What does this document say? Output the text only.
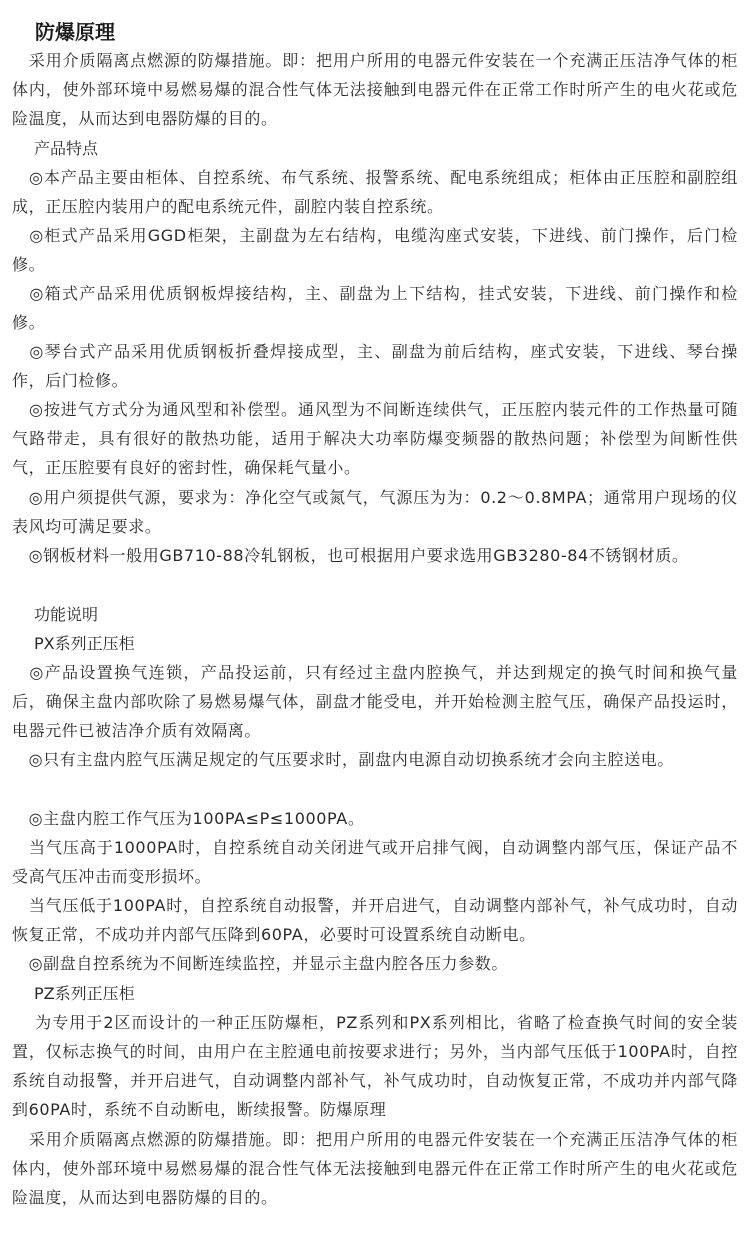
防爆原理

　采用介质隔离点燃源的防爆措施。即：把用户所用的电器元件安装在一个充满正压洁净气体的柜体内，使外部环境中易燃易爆的混合性气体无法接触到电器元件在正常工作时所产生的电火花或危险温度，从而达到电器防爆的目的。

产品特点

　◎本产品主要由柜体、自控系统、布气系统、报警系统、配电系统组成；柜体由正压腔和副腔组成，正压腔内装用户的配电系统元件，副腔内装自控系统。

　◎柜式产品采用GGD柜架，主副盘为左右结构，电缆沟座式安装，下进线、前门操作，后门检修。

　◎箱式产品采用优质钢板焊接结构，主、副盘为上下结构，挂式安装，下进线、前门操作和检修。

　◎琴台式产品采用优质钢板折叠焊接成型，主、副盘为前后结构，座式安装，下进线、琴台操作，后门检修。

　◎按进气方式分为通风型和补偿型。通风型为不间断连续供气，正压腔内装元件的工作热量可随气路带走，具有很好的散热功能，适用于解决大功率防爆变频器的散热问题；补偿型为间断性供气，正压腔要有良好的密封性，确保耗气量小。

　◎用户须提供气源，要求为：净化空气或氮气，气源压为为：0.2～0.8MPA；通常用户现场的仪表风均可满足要求。

　◎钢板材料一般用GB710-88冷轧钢板，也可根据用户要求选用GB3280-84不锈钢材质。

功能说明

PX系列正压柜

　◎产品设置换气连锁，产品投运前，只有经过主盘内腔换气，并达到规定的换气时间和换气量后，确保主盘内部吹除了易燃易爆气体，副盘才能受电，并开始检测主腔气压，确保产品投运时，电器元件已被洁净介质有效隔离。

　◎只有主盘内腔气压满足规定的气压要求时，副盘内电源自动切换系统才会向主腔送电。

　◎主盘内腔工作气压为100PA≤P≤1000PA。

　当气压高于1000PA时，自控系统自动关闭进气或开启排气阀，自动调整内部气压，保证产品不受高气压冲击而变形损坏。

　当气压低于100PA时，自控系统自动报警，并开启进气，自动调整内部补气，补气成功时，自动恢复正常，不成功并内部气压降到60PA，必要时可设置系统自动断电。

　◎副盘自控系统为不间断连续监控，并显示主盘内腔各压力参数。

PZ系列正压柜

　 为专用于2区而设计的一种正压防爆柜，PZ系列和PX系列相比，省略了检查换气时间的安全装置，仅标志换气的时间，由用户在主腔通电前按要求进行；另外，当内部气压低于100PA时，自控系统自动报警，并开启进气，自动调整内部补气，补气成功时，自动恢复正常，不成功并内部气降到60PA时，系统不自动断电，断续报警。防爆原理

　采用介质隔离点燃源的防爆措施。即：把用户所用的电器元件安装在一个充满正压洁净气体的柜体内，使外部环境中易燃易爆的混合性气体无法接触到电器元件在正常工作时所产生的电火花或危险温度，从而达到电器防爆的目的。
